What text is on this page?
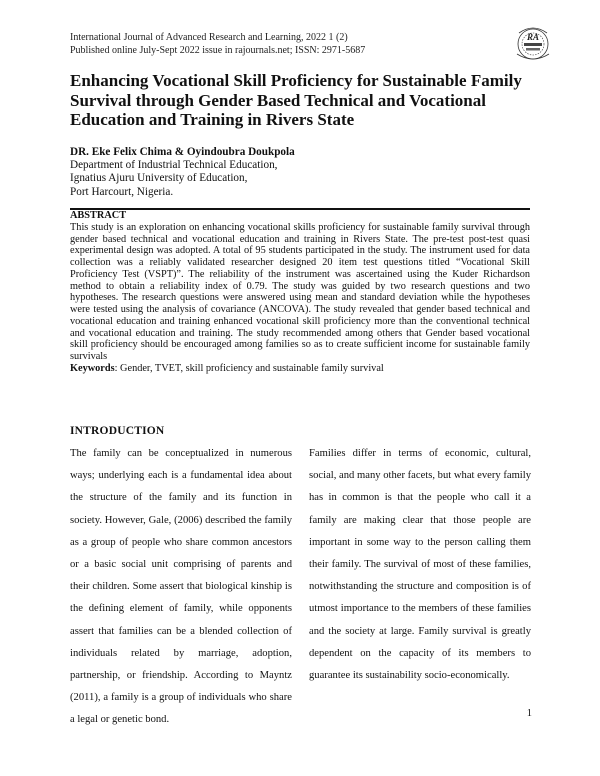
International Journal of Advanced Research and Learning, 2022 1 (2)
Published online July-Sept 2022 issue in rajournals.net; ISSN: 2971-5687
RA
Enhancing Vocational Skill Proficiency for Sustainable Family Survival through Gender Based Technical and Vocational Education and Training in Rivers State
DR. Eke Felix Chima & Oyindoubra Doukpola
Department of Industrial Technical Education,
Ignatius Ajuru University of Education,
Port Harcourt, Nigeria.
ABSTRACT
This study is an exploration on enhancing vocational skills proficiency for sustainable family survival through gender based technical and vocational education and training in Rivers State. The pre-test post-test quasi experimental design was adopted. A total of 95 students participated in the study. The instrument used for data collection was a reliably validated researcher designed 20 item test questions titled “Vocational Skill Proficiency Test (VSPT)”. The reliability of the instrument was ascertained using the Kuder Richardson method to obtain a reliability index of 0.79. The study was guided by two research questions and two hypotheses. The research questions were answered using mean and standard deviation while the hypotheses were tested using the analysis of covariance (ANCOVA). The study revealed that gender based technical and vocational education and training enhanced vocational skill proficiency more than the conventional technical and vocational education and training. The study recommended among others that Gender based vocational skill proficiency should be encouraged among families so as to create sufficient income for sustainable family survivals
Keywords: Gender, TVET, skill proficiency and sustainable family survival
INTRODUCTION
The family can be conceptualized in numerous ways; underlying each is a fundamental idea about the structure of the family and its function in society. However, Gale, (2006) described the family as a group of people who share common ancestors or a basic social unit comprising of parents and their children. Some assert that biological kinship is the defining element of family, while opponents assert that families can be a blended collection of individuals related by marriage, adoption, partnership, or friendship. According to Mayntz (2011), a family is a group of individuals who share a legal or genetic bond.
Families differ in terms of economic, cultural, social, and many other facets, but what every family has in common is that the people who call it a family are making clear that those people are important in some way to the person calling them their family. The survival of most of these families, notwithstanding the structure and composition is of utmost importance to the members of these families and the society at large. Family survival is greatly dependent on the capacity of its members to guarantee its sustainability socio-economically.
1
